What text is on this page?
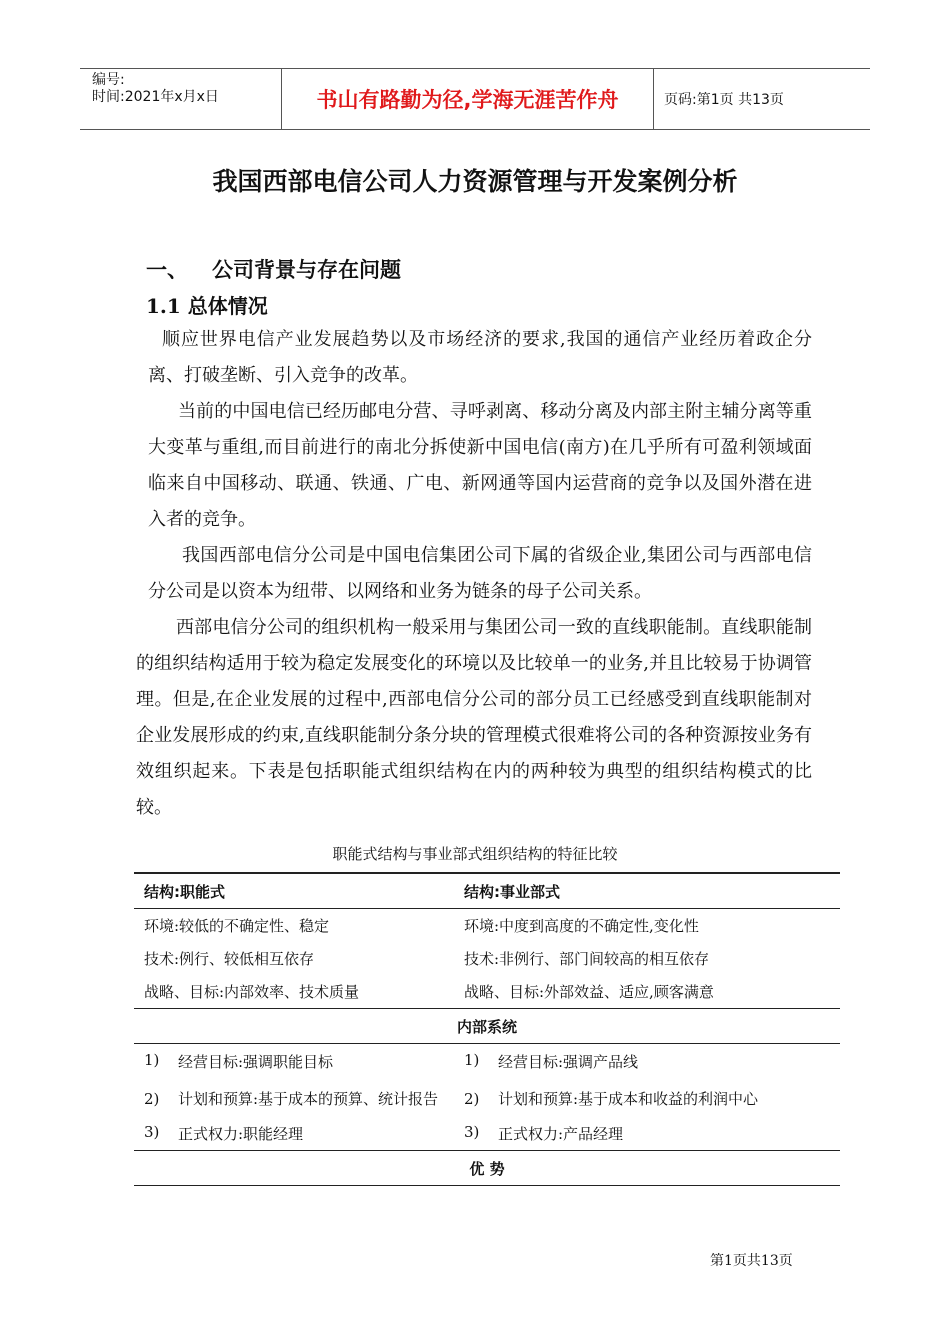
编号:
时间:2021年x月x日	书山有路勤为径,学海无涯苦作舟	页码:第1页 共13页
我国西部电信公司人力资源管理与开发案例分析
一、 公司背景与存在问题
1.1 总体情况

顺应世界电信产业发展趋势以及市场经济的要求,我国的通信产业经历着政企分离、打破垄断、引入竞争的改革。

当前的中国电信已经历邮电分营、寻呼剥离、移动分离及内部主附主辅分离等重大变革与重组,而目前进行的南北分拆使新中国电信(南方)在几乎所有可盈利领域面临来自中国移动、联通、铁通、广电、新网通等国内运营商的竞争以及国外潜在进入者的竞争。

我国西部电信分公司是中国电信集团公司下属的省级企业,集团公司与西部电信分公司是以资本为纽带、以网络和业务为链条的母子公司关系。

西部电信分公司的组织机构一般采用与集团公司一致的直线职能制。直线职能制的组织结构适用于较为稳定发展变化的环境以及比较单一的业务,并且比较易于协调管理。但是,在企业发展的过程中,西部电信分公司的部分员工已经感受到直线职能制对企业发展形成的约束,直线职能制分条分块的管理模式很难将公司的各种资源按业务有效组织起来。下表是包括职能式组织结构在内的两种较为典型的组织结构模式的比较。

职能式结构与事业部式组织结构的特征比较
结构:职能式	结构:事业部式
环境:较低的不确定性、稳定	环境:中度到高度的不确定性,变化性
技术:例行、较低相互依存	技术:非例行、部门间较高的相互依存
战略、目标:内部效率、技术质量	战略、目标:外部效益、适应,顾客满意
内部系统
1)	经营目标:强调职能目标	1)	经营目标:强调产品线
2)	计划和预算:基于成本的预算、统计报告	2)	计划和预算:基于成本和收益的利润中心
3)	正式权力:职能经理	3)	正式权力:产品经理
优 势
第1页共13页
